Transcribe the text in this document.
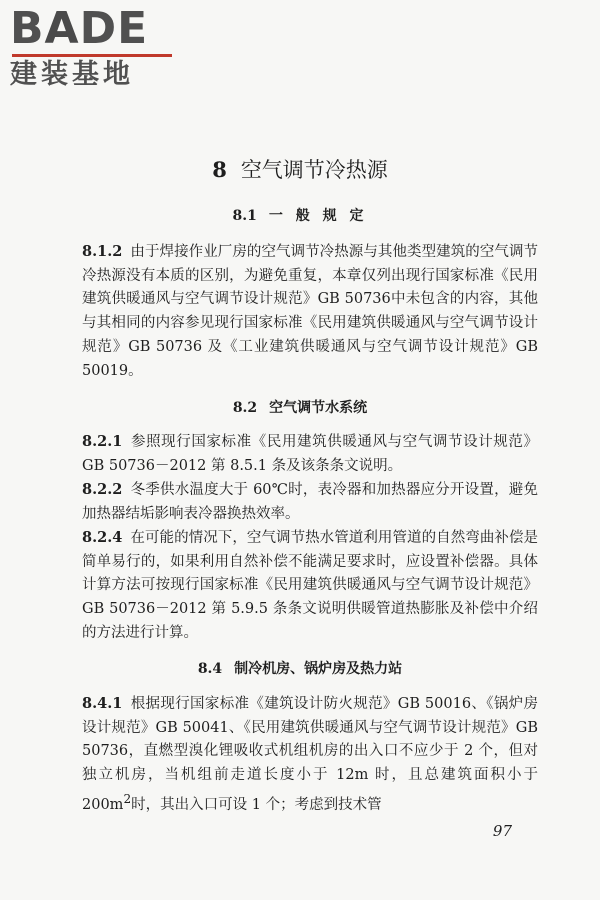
BADE
建装基地
8 空气调节冷热源
8.1 一 般 规 定

8.1.2 由于焊接作业厂房的空气调节冷热源与其他类型建筑的空气调节冷热源没有本质的区别，为避免重复，本章仅列出现行国家标准《民用建筑供暖通风与空气调节设计规范》GB 50736中未包含的内容，其他与其相同的内容参见现行国家标准《民用建筑供暖通风与空气调节设计规范》GB 50736 及《工业建筑供暖通风与空气调节设计规范》GB 50019。

8.2 空气调节水系统

8.2.1 参照现行国家标准《民用建筑供暖通风与空气调节设计规范》GB 50736－2012 第 8.5.1 条及该条条文说明。

8.2.2 冬季供水温度大于 60℃时，表冷器和加热器应分开设置，避免加热器结垢影响表冷器换热效率。

8.2.4 在可能的情况下，空气调节热水管道利用管道的自然弯曲补偿是简单易行的，如果利用自然补偿不能满足要求时，应设置补偿器。具体计算方法可按现行国家标准《民用建筑供暖通风与空气调节设计规范》GB 50736－2012 第 5.9.5 条条文说明供暖管道热膨胀及补偿中介绍的方法进行计算。

8.4 制冷机房、锅炉房及热力站

8.4.1 根据现行国家标准《建筑设计防火规范》GB 50016、《锅炉房设计规范》GB 50041、《民用建筑供暖通风与空气调节设计规范》GB 50736，直燃型溴化锂吸收式机组机房的出入口不应少于 2 个，但对独立机房，当机组前走道长度小于 12m 时，且总建筑面积小于 $200m^2$时，其出入口可设 1 个；考虑到技术管

97
